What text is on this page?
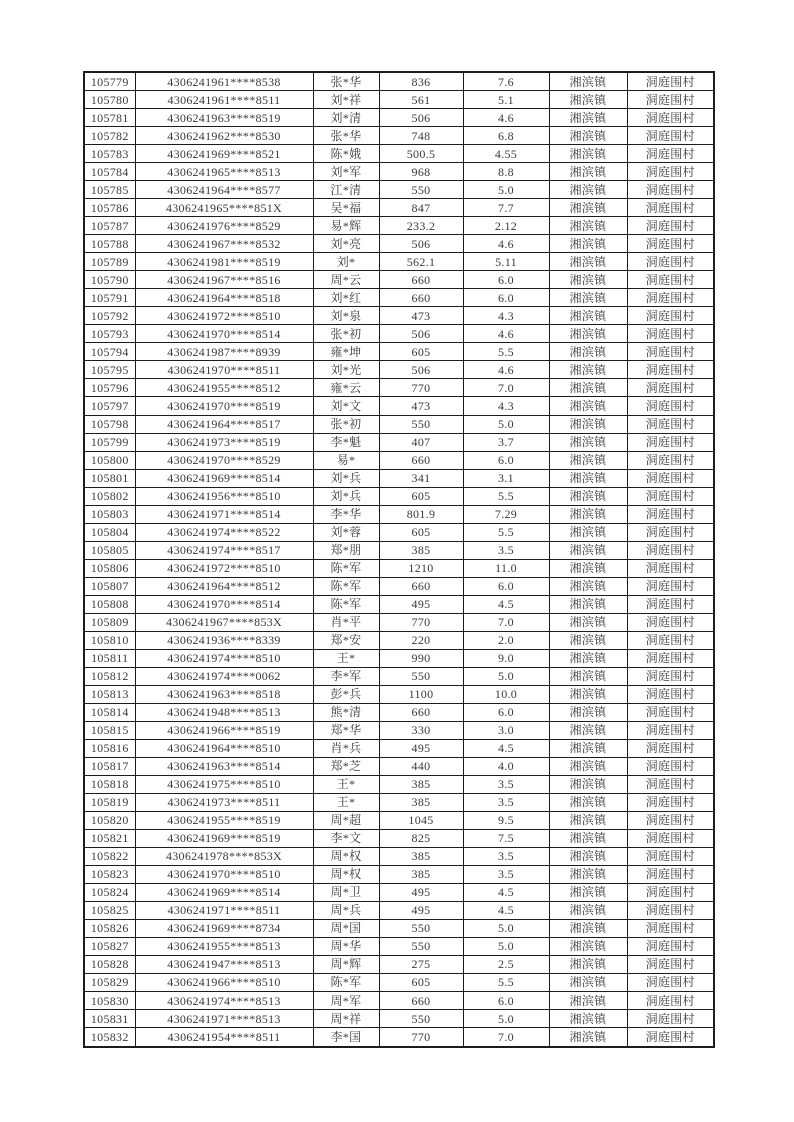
105779	4306241961****8538	张*华	836	7.6	湘滨镇	洞庭围村
105780	4306241961****8511	刘*祥	561	5.1	湘滨镇	洞庭围村
105781	4306241963****8519	刘*清	506	4.6	湘滨镇	洞庭围村
105782	4306241962****8530	张*华	748	6.8	湘滨镇	洞庭围村
105783	4306241969****8521	陈*娥	500.5	4.55	湘滨镇	洞庭围村
105784	4306241965****8513	刘*军	968	8.8	湘滨镇	洞庭围村
105785	4306241964****8577	江*清	550	5.0	湘滨镇	洞庭围村
105786	4306241965****851X	吴*福	847	7.7	湘滨镇	洞庭围村
105787	4306241976****8529	易*辉	233.2	2.12	湘滨镇	洞庭围村
105788	4306241967****8532	刘*亮	506	4.6	湘滨镇	洞庭围村
105789	4306241981****8519	刘*	562.1	5.11	湘滨镇	洞庭围村
105790	4306241967****8516	周*云	660	6.0	湘滨镇	洞庭围村
105791	4306241964****8518	刘*红	660	6.0	湘滨镇	洞庭围村
105792	4306241972****8510	刘*泉	473	4.3	湘滨镇	洞庭围村
105793	4306241970****8514	张*初	506	4.6	湘滨镇	洞庭围村
105794	4306241987****8939	雍*坤	605	5.5	湘滨镇	洞庭围村
105795	4306241970****8511	刘*光	506	4.6	湘滨镇	洞庭围村
105796	4306241955****8512	雍*云	770	7.0	湘滨镇	洞庭围村
105797	4306241970****8519	刘*文	473	4.3	湘滨镇	洞庭围村
105798	4306241964****8517	张*初	550	5.0	湘滨镇	洞庭围村
105799	4306241973****8519	李*魁	407	3.7	湘滨镇	洞庭围村
105800	4306241970****8529	易*	660	6.0	湘滨镇	洞庭围村
105801	4306241969****8514	刘*兵	341	3.1	湘滨镇	洞庭围村
105802	4306241956****8510	刘*兵	605	5.5	湘滨镇	洞庭围村
105803	4306241971****8514	李*华	801.9	7.29	湘滨镇	洞庭围村
105804	4306241974****8522	刘*蓉	605	5.5	湘滨镇	洞庭围村
105805	4306241974****8517	郑*朋	385	3.5	湘滨镇	洞庭围村
105806	4306241972****8510	陈*军	1210	11.0	湘滨镇	洞庭围村
105807	4306241964****8512	陈*军	660	6.0	湘滨镇	洞庭围村
105808	4306241970****8514	陈*军	495	4.5	湘滨镇	洞庭围村
105809	4306241967****853X	肖*平	770	7.0	湘滨镇	洞庭围村
105810	4306241936****8339	郑*安	220	2.0	湘滨镇	洞庭围村
105811	4306241974****8510	王*	990	9.0	湘滨镇	洞庭围村
105812	4306241974****0062	李*军	550	5.0	湘滨镇	洞庭围村
105813	4306241963****8518	彭*兵	1100	10.0	湘滨镇	洞庭围村
105814	4306241948****8513	熊*清	660	6.0	湘滨镇	洞庭围村
105815	4306241966****8519	郑*华	330	3.0	湘滨镇	洞庭围村
105816	4306241964****8510	肖*兵	495	4.5	湘滨镇	洞庭围村
105817	4306241963****8514	郑*芝	440	4.0	湘滨镇	洞庭围村
105818	4306241975****8510	王*	385	3.5	湘滨镇	洞庭围村
105819	4306241973****8511	王*	385	3.5	湘滨镇	洞庭围村
105820	4306241955****8519	周*超	1045	9.5	湘滨镇	洞庭围村
105821	4306241969****8519	李*文	825	7.5	湘滨镇	洞庭围村
105822	4306241978****853X	周*权	385	3.5	湘滨镇	洞庭围村
105823	4306241970****8510	周*权	385	3.5	湘滨镇	洞庭围村
105824	4306241969****8514	周*卫	495	4.5	湘滨镇	洞庭围村
105825	4306241971****8511	周*兵	495	4.5	湘滨镇	洞庭围村
105826	4306241969****8734	周*国	550	5.0	湘滨镇	洞庭围村
105827	4306241955****8513	周*华	550	5.0	湘滨镇	洞庭围村
105828	4306241947****8513	周*辉	275	2.5	湘滨镇	洞庭围村
105829	4306241966****8510	陈*军	605	5.5	湘滨镇	洞庭围村
105830	4306241974****8513	周*军	660	6.0	湘滨镇	洞庭围村
105831	4306241971****8513	周*祥	550	5.0	湘滨镇	洞庭围村
105832	4306241954****8511	李*国	770	7.0	湘滨镇	洞庭围村
